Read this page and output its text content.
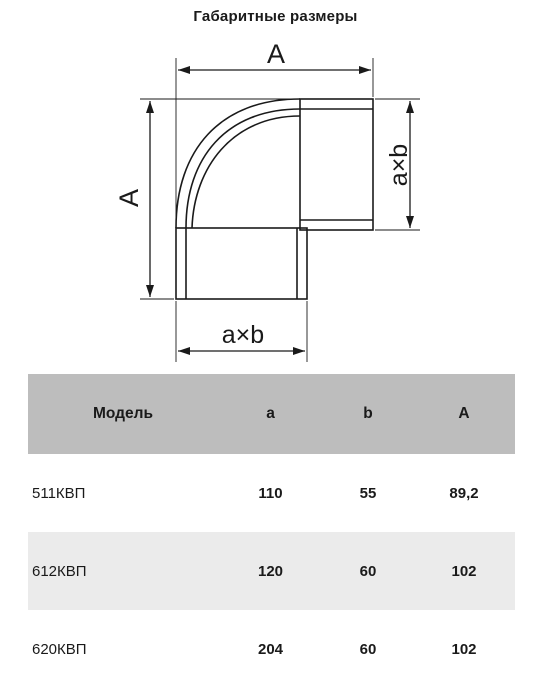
Габаритные размеры
A
A
a×b
a×b
Модель	a	b	A
511КВП	110	55	89,2
612КВП	120	60	102
620КВП	204	60	102
